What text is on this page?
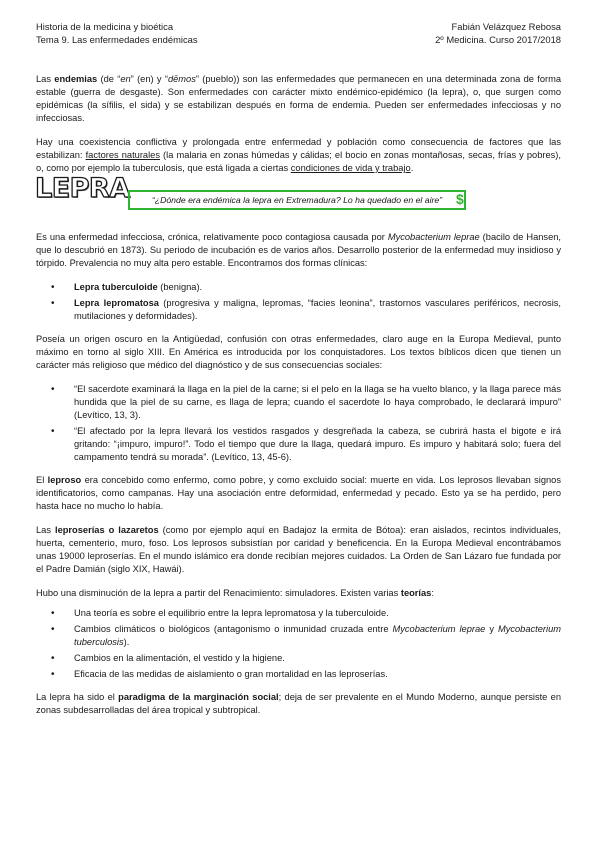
Historia de la medicina y bioética	Fabián Velázquez Rebosa
Tema 9. Las enfermedades endémicas	2º Medicina. Curso 2017/2018

Las endemias (de “en” (en) y “dēmos” (pueblo)) son las enfermedades que permanecen en una determinada zona de forma estable (guerra de desgaste). Son enfermedades con carácter mixto endémico-epidémico (la lepra), o, que surgen como epidémicas (la sífilis, el sida) y se estabilizan después en forma de endemia. Pueden ser enfermedades infecciosas y no infecciosas.

Hay una coexistencia conflictiva y prolongada entre enfermedad y población como consecuencia de factores que las estabilizan: factores naturales (la malaria en zonas húmedas y cálidas; el bocio en zonas montañosas, secas, frías y pobres), o, como por ejemplo la tuberculosis, que está ligada a ciertas condiciones de vida y trabajo.

LEPRA	“¿Dónde era endémica la lepra en Extremadura? Lo ha quedado en el aire” $

Es una enfermedad infecciosa, crónica, relativamente poco contagiosa causada por Mycobacterium leprae (bacilo de Hansen, que lo descubrió en 1873). Su periodo de incubación es de varios años. Desarrollo posterior de la enfermedad muy insidioso y tórpido. Prevalencia no muy alta pero estable. Encontramos dos formas clínicas:

• Lepra tuberculoide (benigna).
• Lepra lepromatosa (progresiva y maligna, lepromas, “facies leonina”, trastornos vasculares periféricos, necrosis, mutilaciones y deformidades).

Poseía un origen oscuro en la Antigüedad, confusión con otras enfermedades, claro auge en la Europa Medieval, punto máximo en torno al siglo XIII. En América es introducida por los conquistadores. Los textos bíblicos dicen que tienen un carácter más religioso que médico del diagnóstico y de sus consecuencias sociales:

• “El sacerdote examinará la llaga en la piel de la carne; si el pelo en la llaga se ha vuelto blanco, y la llaga parece más hundida que la piel de su carne, es llaga de lepra; cuando el sacerdote lo haya comprobado, le declarará impuro” (Levítico, 13, 3).
• “El afectado por la lepra llevará los vestidos rasgados y desgreñada la cabeza, se cubrirá hasta el bigote e irá gritando: “¡impuro, impuro!”. Todo el tiempo que dure la llaga, quedará impuro. Es impuro y habitará solo; fuera del campamento tendrá su morada”. (Levítico, 13, 45-6).

El leproso era concebido como enfermo, como pobre, y como excluido social: muerte en vida. Los leprosos llevaban signos identificatorios, como campanas. Hay una asociación entre deformidad, enfermedad y pecado. Esto ya se ha perdido, pero hasta hace no mucho lo había.

Las leproserías o lazaretos (como por ejemplo aquí en Badajoz la ermita de Bótoa): eran aislados, recintos individuales, huerta, cementerio, muro, foso. Los leprosos subsistían por caridad y beneficencia. En la Europa Medieval encontrábamos unas 19000 leproserías. En el mundo islámico era donde recibían mejores cuidados. La Orden de San Lázaro fue fundada por el Padre Damián (siglo XIX, Hawái).

Hubo una disminución de la lepra a partir del Renacimiento: simuladores. Existen varias teorías:

• Una teoría es sobre el equilibrio entre la lepra lepromatosa y la tuberculoide.
• Cambios climáticos o biológicos (antagonismo o inmunidad cruzada entre Mycobacterium leprae y Mycobacterium tuberculosis).
• Cambios en la alimentación, el vestido y la higiene.
• Eficacia de las medidas de aislamiento o gran mortalidad en las leproserías.

La lepra ha sido el paradigma de la marginación social; deja de ser prevalente en el Mundo Moderno, aunque persiste en zonas subdesarrolladas del área tropical y subtropical.
